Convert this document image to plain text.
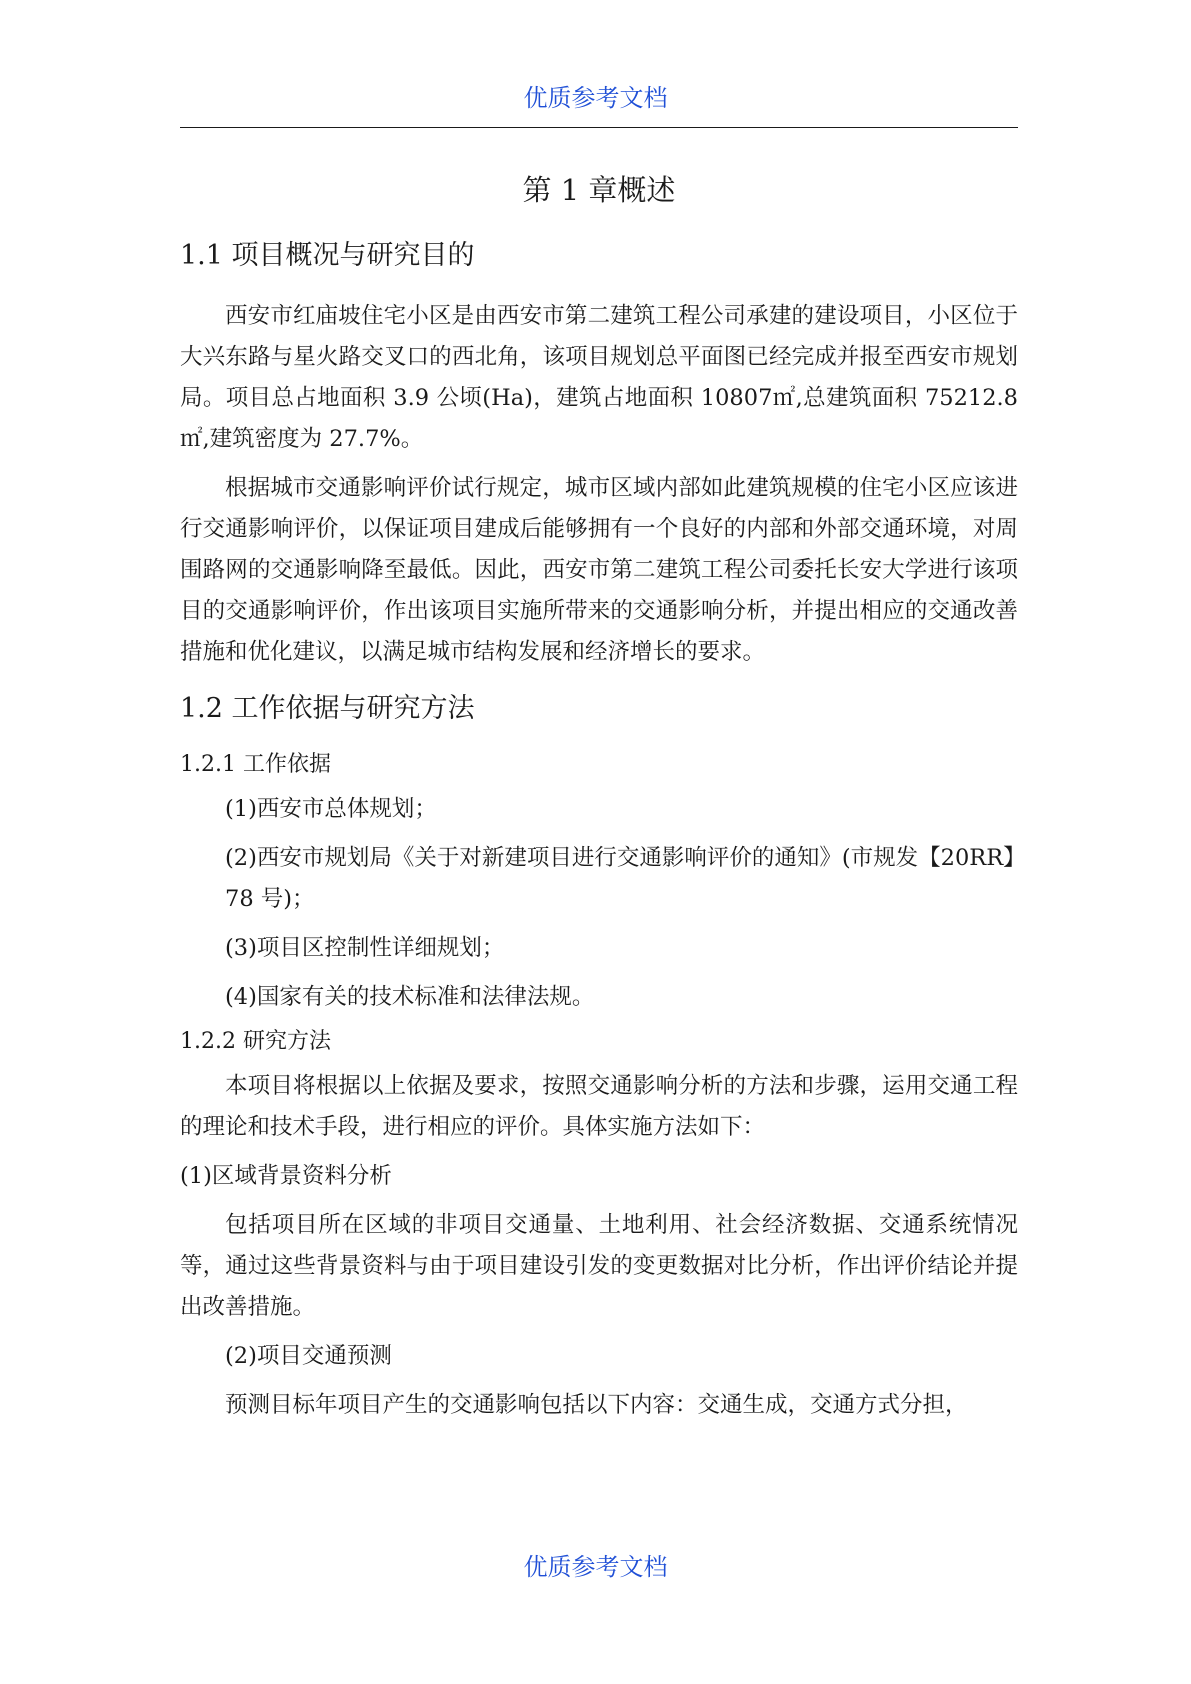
优质参考文档
第 1 章概述
1.1 项目概况与研究目的

西安市红庙坡住宅小区是由西安市第二建筑工程公司承建的建设项目，小区位于大兴东路与星火路交叉口的西北角，该项目规划总平面图已经完成并报至西安市规划局。项目总占地面积 3.9 公顷(Ha)，建筑占地面积 10807㎡,总建筑面积 75212.8㎡,建筑密度为 27.7%。

根据城市交通影响评价试行规定，城市区域内部如此建筑规模的住宅小区应该进行交通影响评价，以保证项目建成后能够拥有一个良好的内部和外部交通环境，对周围路网的交通影响降至最低。因此，西安市第二建筑工程公司委托长安大学进行该项目的交通影响评价，作出该项目实施所带来的交通影响分析，并提出相应的交通改善措施和优化建议，以满足城市结构发展和经济增长的要求。

1.2 工作依据与研究方法
1.2.1 工作依据
(1)西安市总体规划；
(2)西安市规划局《关于对新建项目进行交通影响评价的通知》(市规发【20RR】78 号)；
(3)项目区控制性详细规划；
(4)国家有关的技术标准和法律法规。
1.2.2 研究方法

本项目将根据以上依据及要求，按照交通影响分析的方法和步骤，运用交通工程的理论和技术手段，进行相应的评价。具体实施方法如下：

(1)区域背景资料分析

包括项目所在区域的非项目交通量、土地利用、社会经济数据、交通系统情况等，通过这些背景资料与由于项目建设引发的变更数据对比分析，作出评价结论并提出改善措施。

(2)项目交通预测

预测目标年项目产生的交通影响包括以下内容：交通生成，交通方式分担，

优质参考文档
